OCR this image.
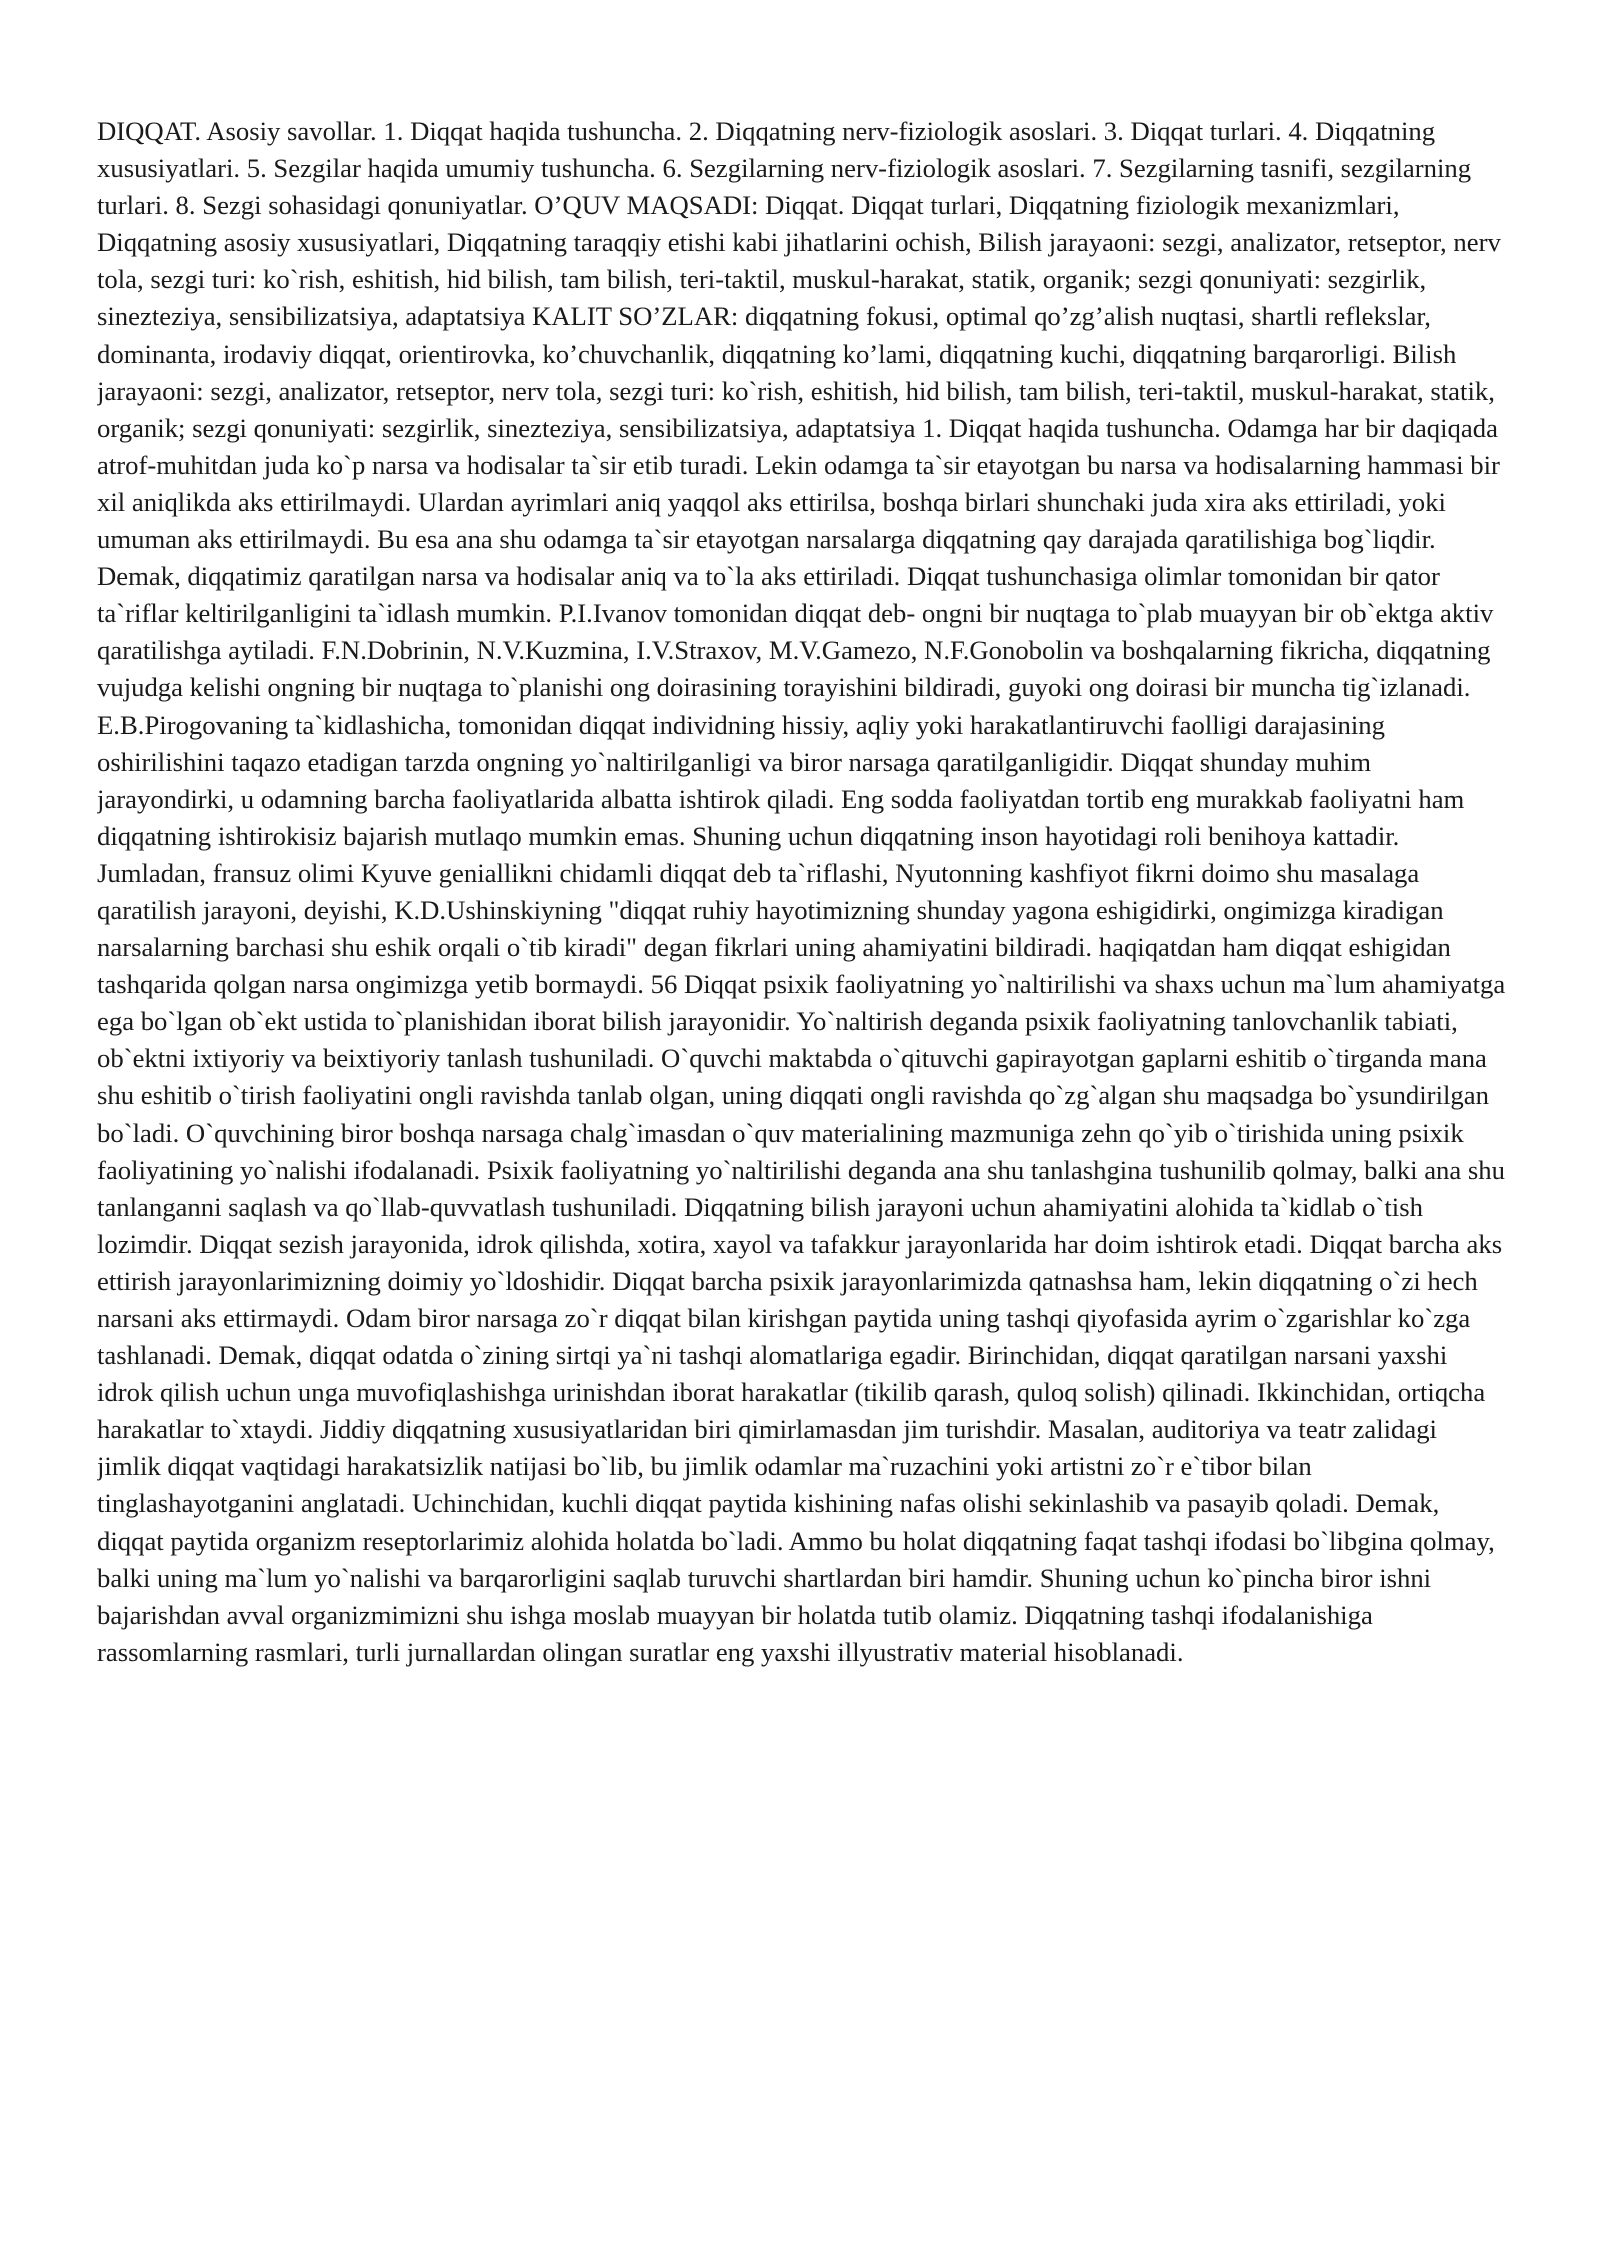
DIQQAT. Asosiy savollar. 1. Diqqat haqida tushuncha. 2. Diqqatning nerv-fiziologik asoslari. 3. Diqqat turlari. 4. Diqqatning xususiyatlari. 5. Sezgilar haqida umumiy tushuncha. 6. Sezgilarning nerv-fiziologik asoslari. 7. Sezgilarning tasnifi, sezgilarning turlari. 8. Sezgi sohasidagi qonuniyatlar. O’QUV MAQSADI: Diqqat. Diqqat turlari, Diqqatning fiziologik mexanizmlari, Diqqatning asosiy xususiyatlari, Diqqatning taraqqiy etishi kabi jihatlarini ochish, Bilish jarayaoni: sezgi, analizator, retseptor, nerv tola, sezgi turi: ko`rish, eshitish, hid bilish, tam bilish, teri-taktil, muskul-harakat, statik, organik; sezgi qonuniyati: sezgirlik, sinezteziya, sensibilizatsiya, adaptatsiya KALIT SO’ZLAR: diqqatning fokusi, optimal qo’zg’alish nuqtasi, shartli reflekslar, dominanta, irodaviy diqqat, orientirovka, ko’chuvchanlik, diqqatning ko’lami, diqqatning kuchi, diqqatning barqarorligi. Bilish jarayaoni: sezgi, analizator, retseptor, nerv tola, sezgi turi: ko`rish, eshitish, hid bilish, tam bilish, teri-taktil, muskul-harakat, statik, organik; sezgi qonuniyati: sezgirlik, sinezteziya, sensibilizatsiya, adaptatsiya 1. Diqqat haqida tushuncha. Odamga har bir daqiqada atrof-muhitdan juda ko`p narsa va hodisalar ta`sir etib turadi. Lekin odamga ta`sir etayotgan bu narsa va hodisalarning hammasi bir xil aniqlikda aks ettirilmaydi. Ulardan ayrimlari aniq yaqqol aks ettirilsa, boshqa birlari shunchaki juda xira aks ettiriladi, yoki umuman aks ettirilmaydi. Bu esa ana shu odamga ta`sir etayotgan narsalarga diqqatning qay darajada qaratilishiga bog`liqdir. Demak, diqqatimiz qaratilgan narsa va hodisalar aniq va to`la aks ettiriladi. Diqqat tushunchasiga olimlar tomonidan bir qator ta`riflar keltirilganligini ta`idlash mumkin. P.I.Ivanov tomonidan diqqat deb- ongni bir nuqtaga to`plab muayyan bir ob`ektga aktiv qaratilishga aytiladi. F.N.Dobrinin, N.V.Kuzmina, I.V.Straxov, M.V.Gamezo, N.F.Gonobolin va boshqalarning fikricha, diqqatning vujudga kelishi ongning bir nuqtaga to`planishi ong doirasining torayishini bildiradi, guyoki ong doirasi bir muncha tig`izlanadi. E.B.Pirogovaning ta`kidlashicha, tomonidan diqqat individning hissiy, aqliy yoki harakatlantiruvchi faolligi darajasining oshirilishini taqazo etadigan tarzda ongning yo`naltirilganligi va biror narsaga qaratilganligidir. Diqqat shunday muhim jarayondirki, u odamning barcha faoliyatlarida albatta ishtirok qiladi. Eng sodda faoliyatdan tortib eng murakkab faoliyatni ham diqqatning ishtirokisiz bajarish mutlaqo mumkin emas. Shuning uchun diqqatning inson hayotidagi roli benihoya kattadir. Jumladan, fransuz olimi Kyuve geniallikni chidamli diqqat deb ta`riflashi, Nyutonning kashfiyot fikrni doimo shu masalaga qaratilish jarayoni, deyishi, K.D.Ushinskiyning "diqqat ruhiy hayotimizning shunday yagona eshigidirki, ongimizga kiradigan narsalarning barchasi shu eshik orqali o`tib kiradi" degan fikrlari uning ahamiyatini bildiradi. haqiqatdan ham diqqat eshigidan tashqarida qolgan narsa ongimizga yetib bormaydi. 56 Diqqat psixik faoliyatning yo`naltirilishi va shaxs uchun ma`lum ahamiyatga ega bo`lgan ob`ekt ustida to`planishidan iborat bilish jarayonidir. Yo`naltirish deganda psixik faoliyatning tanlovchanlik tabiati, ob`ektni ixtiyoriy va beixtiyoriy tanlash tushuniladi. O`quvchi maktabda o`qituvchi gapirayotgan gaplarni eshitib o`tirganda mana shu eshitib o`tirish faoliyatini ongli ravishda tanlab olgan, uning diqqati ongli ravishda qo`zg`algan shu maqsadga bo`ysundirilgan bo`ladi. O`quvchining biror boshqa narsaga chalg`imasdan o`quv materialining mazmuniga zehn qo`yib o`tirishida uning psixik faoliyatining yo`nalishi ifodalanadi. Psixik faoliyatning yo`naltirilishi deganda ana shu tanlashgina tushunilib qolmay, balki ana shu tanlanganni saqlash va qo`llab-quvvatlash tushuniladi. Diqqatning bilish jarayoni uchun ahamiyatini alohida ta`kidlab o`tish lozimdir. Diqqat sezish jarayonida, idrok qilishda, xotira, xayol va tafakkur jarayonlarida har doim ishtirok etadi. Diqqat barcha aks ettirish jarayonlarimizning doimiy yo`ldoshidir. Diqqat barcha psixik jarayonlarimizda qatnashsa ham, lekin diqqatning o`zi hech narsani aks ettirmaydi. Odam biror narsaga zo`r diqqat bilan kirishgan paytida uning tashqi qiyofasida ayrim o`zgarishlar ko`zga tashlanadi. Demak, diqqat odatda o`zining sirtqi ya`ni tashqi alomatlariga egadir. Birinchidan, diqqat qaratilgan narsani yaxshi idrok qilish uchun unga muvofiqlashishga urinishdan iborat harakatlar (tikilib qarash, quloq solish) qilinadi. Ikkinchidan, ortiqcha harakatlar to`xtaydi. Jiddiy diqqatning xususiyatlaridan biri qimirlamasdan jim turishdir. Masalan, auditoriya va teatr zalidagi jimlik diqqat vaqtidagi harakatsizlik natijasi bo`lib, bu jimlik odamlar ma`ruzachini yoki artistni zo`r e`tibor bilan tinglashayotganini anglatadi. Uchinchidan, kuchli diqqat paytida kishining nafas olishi sekinlashib va pasayib qoladi. Demak, diqqat paytida organizm reseptorlarimiz alohida holatda bo`ladi. Ammo bu holat diqqatning faqat tashqi ifodasi bo`libgina qolmay, balki uning ma`lum yo`nalishi va barqarorligini saqlab turuvchi shartlardan biri hamdir. Shuning uchun ko`pincha biror ishni bajarishdan avval organizmimizni shu ishga moslab muayyan bir holatda tutib olamiz. Diqqatning tashqi ifodalanishiga rassomlarning rasmlari, turli jurnallardan olingan suratlar eng yaxshi illyustrativ material hisoblanadi.
